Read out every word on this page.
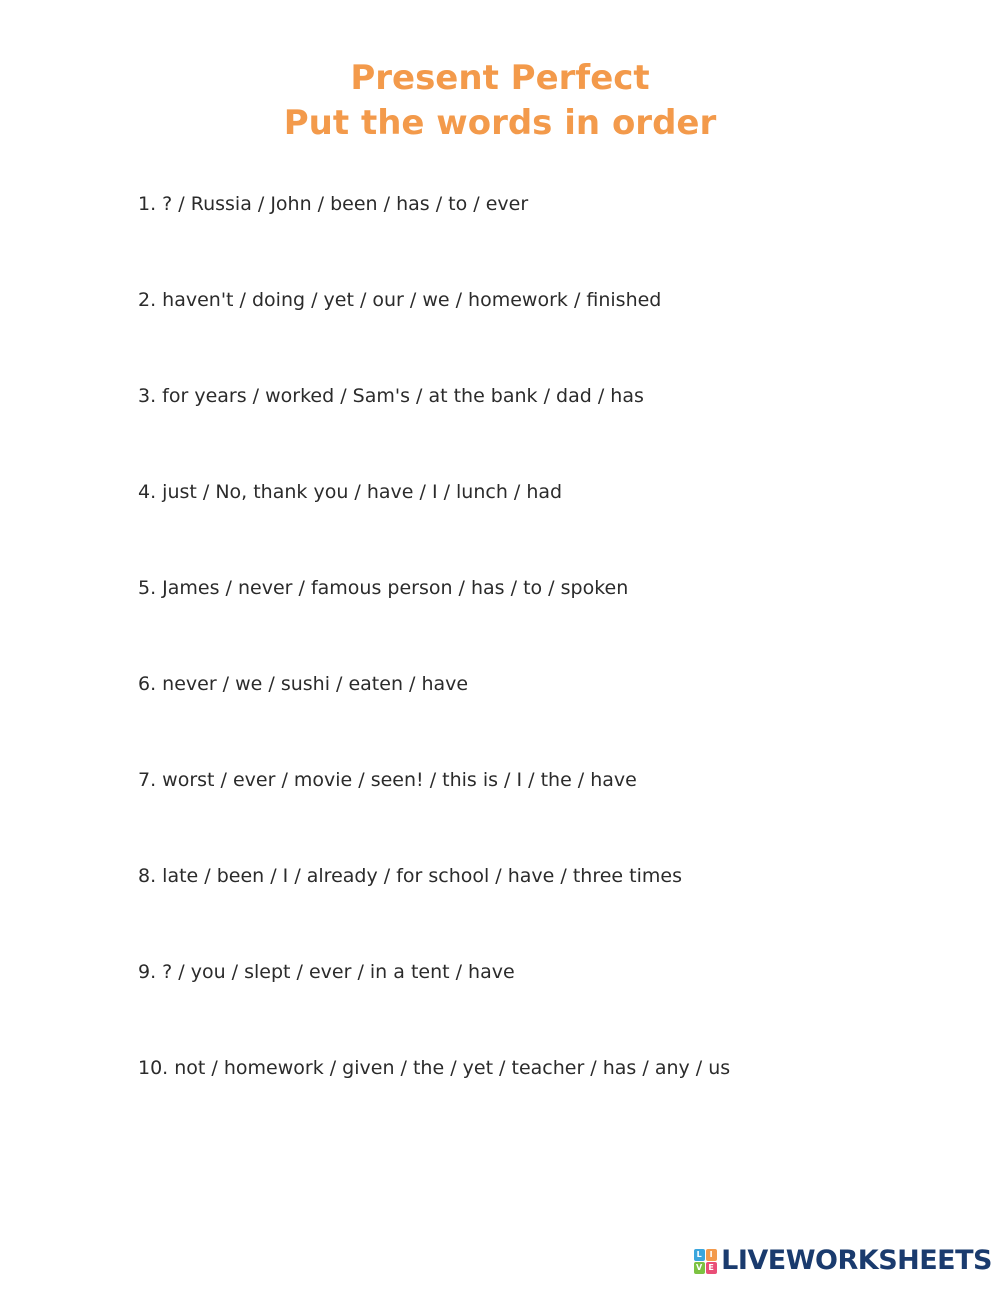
Present Perfect
Put the words in order
1. ? / Russia / John / been / has / to / ever
2. haven't / doing / yet / our / we / homework / finished
3. for years / worked / Sam's / at the bank / dad / has
4. just / No, thank you / have / I / lunch / had
5. James / never / famous person / has / to / spoken
6. never / we / sushi / eaten / have
7. worst / ever / movie / seen! / this is / I / the / have
8. late / been / I / already / for school / have / three times
9. ? / you / slept / ever / in a tent / have
10. not / homework / given / the / yet / teacher / has / any / us
L I
V E LIVEWORKSHEETS
